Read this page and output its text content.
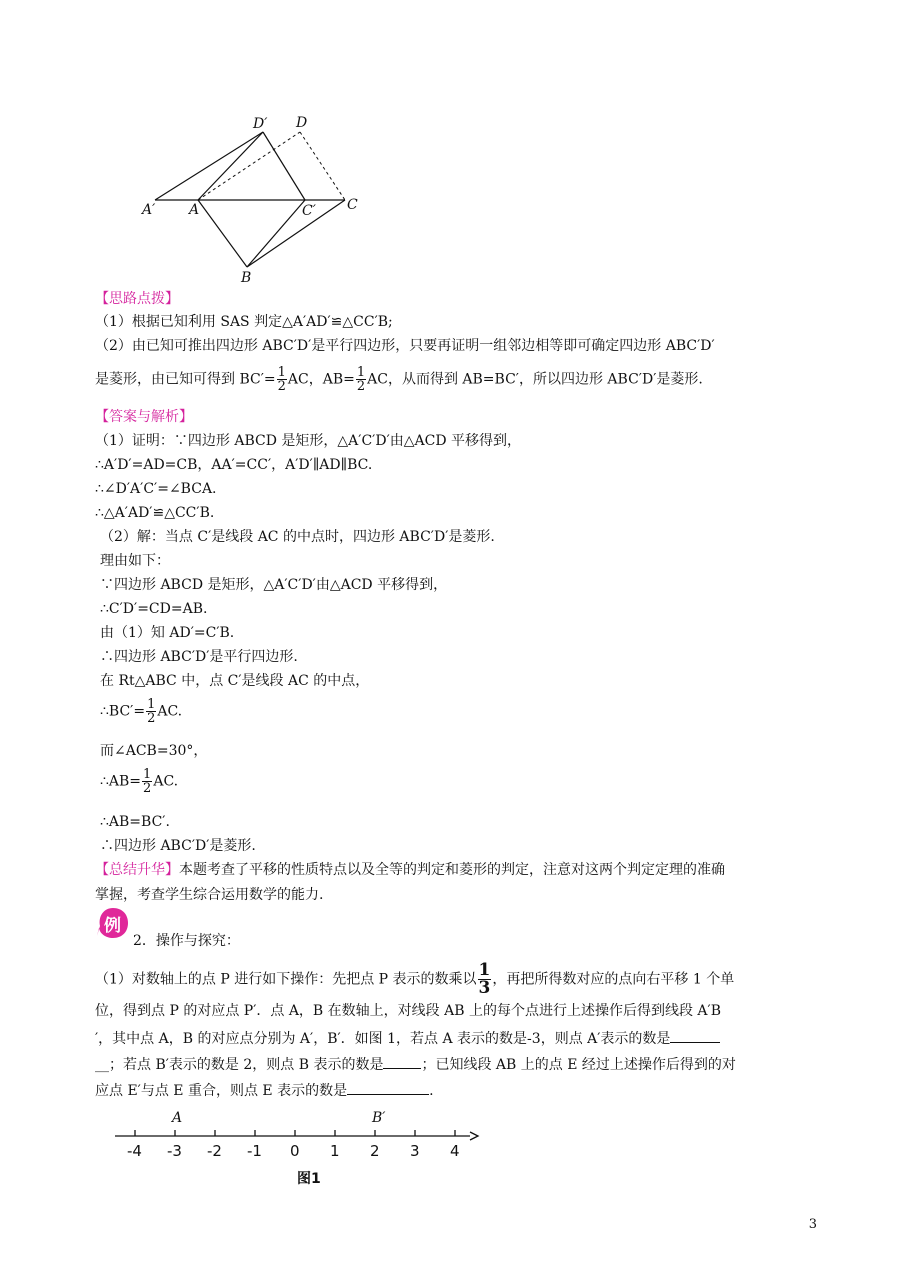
D′ D
A′ A	C′ C
B
【思路点拨】
（1）根据已知利用 SAS 判定△A′AD′≌△CC′B;
（2）由已知可推出四边形 ABC′D′是平行四边形，只要再证明一组邻边相等即可确定四边形 ABC′D′
是菱形，由已知可得到 $BC'= \frac{1}{2}$ AC，$AB= \frac{1}{2}$ AC，从而得到 AB=BC′，所以四边形 ABC′D′是菱形.
【答案与解析】
（1）证明：∵四边形 ABCD 是矩形，△A′C′D′由△ACD 平移得到，
∴A′D′=AD=CB，AA′=CC′，A′D′∥AD∥BC.
∴∠D′A′C′=∠BCA.
∴△A′AD′≌△CC′B.
（2）解：当点 C′是线段 AC 的中点时，四边形 ABC′D′是菱形.
理由如下：
∵四边形 ABCD 是矩形，△A′C′D′由△ACD 平移得到，
∴C′D′=CD=AB.
由（1）知 AD′=C′B.
∴四边形 ABC′D′是平行四边形.
在 Rt△ABC 中，点 C′是线段 AC 的中点，
∴BC′= $\frac{1}{2}$ AC.
而∠ACB=30°，
∴AB= $\frac{1}{2}$ AC.
∴AB=BC′.
∴四边形 ABC′D′是菱形.
【总结升华】本题考查了平移的性质特点以及全等的判定和菱形的判定，注意对这两个判定定理的准确
掌握，考查学生综合运用数学的能力.
例
2．操作与探究：
（1）对数轴上的点 P 进行如下操作：先把点 P 表示的数乘以 $\frac{1}{3}$ ，再把所得数对应的点向右平移 1 个单
位，得到点 P 的对应点 P′．点 A，B 在数轴上，对线段 AB 上的每个点进行上述操作后得到线段 A′B
′，其中点 A，B 的对应点分别为 A′，B′．如图 1，若点 A 表示的数是-3，则点 A′表示的数是
__；若点 B′表示的数是 2，则点 B 表示的数是	；已知线段 AB 上的点 E 经过上述操作后得到的对
应点 E′与点 E 重合，则点 E 表示的数是	.
A	B′
-4 -3 -2 -1 0 1 2 3 4
图1
3
